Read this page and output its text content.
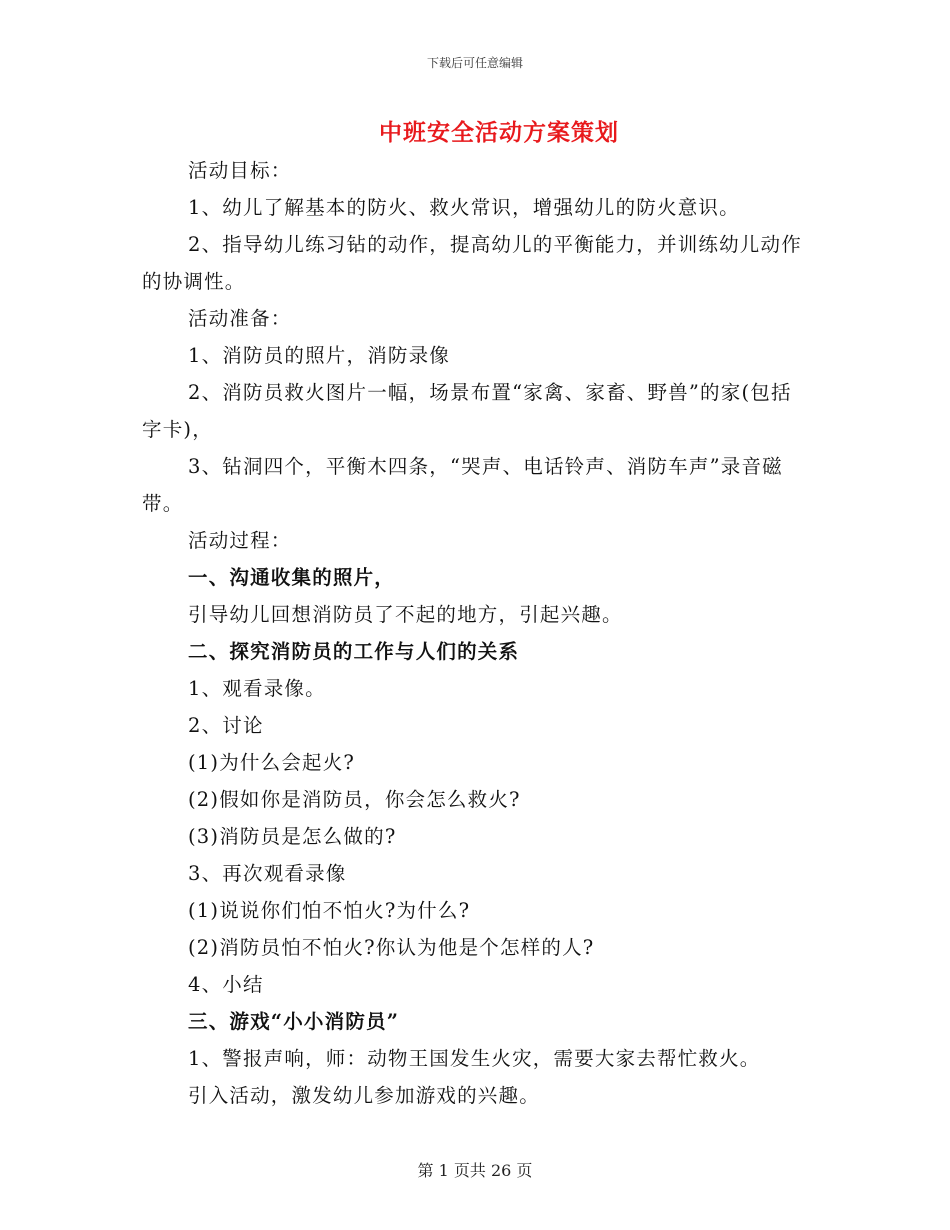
下载后可任意编辑
中班安全活动方案策划

活动目标：

1、幼儿了解基本的防火、救火常识，增强幼儿的防火意识。

2、指导幼儿练习钻的动作，提高幼儿的平衡能力，并训练幼儿动作的协调性。

活动准备：

1、消防员的照片，消防录像

2、消防员救火图片一幅，场景布置“家禽、家畜、野兽”的家(包括字卡)，

3、钻洞四个，平衡木四条，“哭声、电话铃声、消防车声”录音磁带。

活动过程：

一、沟通收集的照片，

引导幼儿回想消防员了不起的地方，引起兴趣。

二、探究消防员的工作与人们的关系

1、观看录像。

2、讨论

(1)为什么会起火?

(2)假如你是消防员，你会怎么救火?

(3)消防员是怎么做的?

3、再次观看录像

(1)说说你们怕不怕火?为什么?

(2)消防员怕不怕火?你认为他是个怎样的人?

4、小结

三、游戏“小小消防员”

1、警报声响，师：动物王国发生火灾，需要大家去帮忙救火。

引入活动，激发幼儿参加游戏的兴趣。

第 1 页共 26 页
